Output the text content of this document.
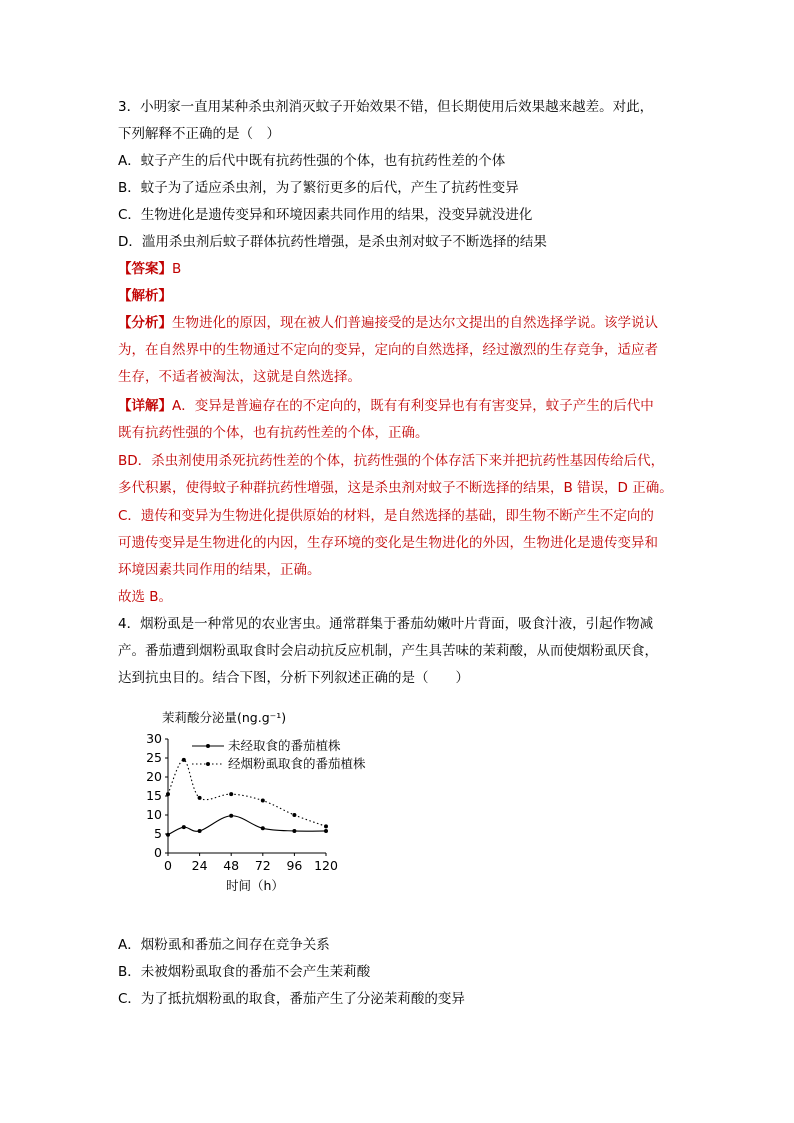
3．小明家一直用某种杀虫剂消灭蚊子开始效果不错，但长期使用后效果越来越差。对此，
下列解释不正确的是（　）
A．蚊子产生的后代中既有抗药性强的个体，也有抗药性差的个体
B．蚊子为了适应杀虫剂，为了繁衍更多的后代，产生了抗药性变异
C．生物进化是遗传变异和环境因素共同作用的结果，没变异就没进化
D．滥用杀虫剂后蚊子群体抗药性增强，是杀虫剂对蚊子不断选择的结果
【答案】B
【解析】
【分析】生物进化的原因，现在被人们普遍接受的是达尔文提出的自然选择学说。该学说认
为，在自然界中的生物通过不定向的变异，定向的自然选择，经过激烈的生存竞争，适应者
生存，不适者被淘汰，这就是自然选择。
【详解】A．变异是普遍存在的不定向的，既有有利变异也有有害变异，蚊子产生的后代中
既有抗药性强的个体，也有抗药性差的个体，正确。
BD．杀虫剂使用杀死抗药性差的个体，抗药性强的个体存活下来并把抗药性基因传给后代，
多代积累，使得蚊子种群抗药性增强，这是杀虫剂对蚊子不断选择的结果，B 错误，D 正确。
C．遗传和变异为生物进化提供原始的材料，是自然选择的基础，即生物不断产生不定向的
可遗传变异是生物进化的内因，生存环境的变化是生物进化的外因，生物进化是遗传变异和
环境因素共同作用的结果，正确。
故选 B。
4．烟粉虱是一种常见的农业害虫。通常群集于番茄幼嫩叶片背面，吸食汁液，引起作物减
产。番茄遭到烟粉虱取食时会启动抗反应机制，产生具苦味的茉莉酸，从而使烟粉虱厌食，
达到抗虫目的。结合下图，分析下列叙述正确的是（　　）
茉莉酸分泌量(ng.g⁻¹)
0
5
10
15
20
25
30
0 24 48 72 96 120
未经取食的番茄植株
经烟粉虱取食的番茄植株
时间（h）
A．烟粉虱和番茄之间存在竞争关系
B．未被烟粉虱取食的番茄不会产生茉莉酸
C．为了抵抗烟粉虱的取食，番茄产生了分泌茉莉酸的变异
